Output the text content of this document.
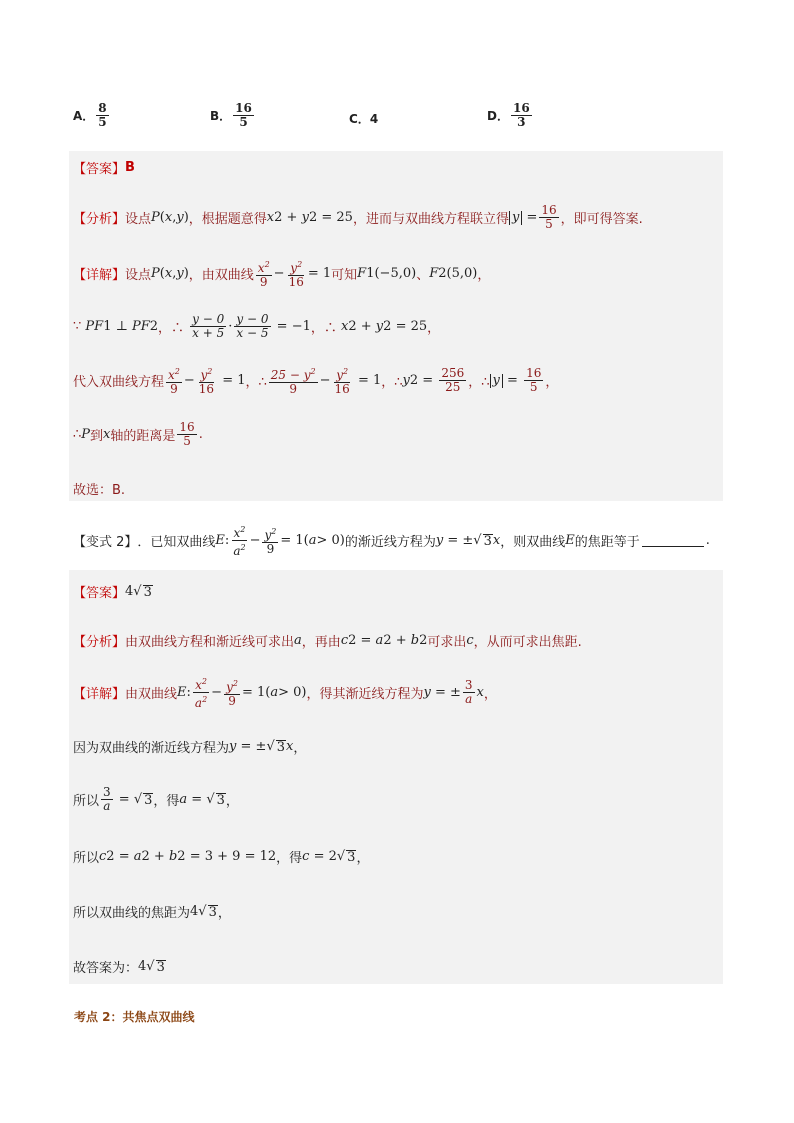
A． $\frac{8}{5}$	B． $\frac{16}{5}$	C． 4	D． $\frac{16}{3}$
【答案】 B
【分析】 设点 P ( x , y ) ，根据题意得 x 2 + y 2 = 25 ，进而与双曲线方程联立得 $y = \frac{16}{5}$ ，即可得答案.
【详解】 设点 P ( x , y ) ，由双曲线 $\frac{x^2}{9} - \frac{y^2}{16} = 1$ 可知 F 1 (−5,0) 、 F 2 (5,0) ，
∵ PF 1 ⊥ PF 2 ，∴ $\frac{y - 0}{x + 5} \cdot \frac{y - 0}{x - 5} = -1$ ，∴ x 2 + y 2 = 25 ，
代入双曲线方程 $\frac{x^2}{9} - \frac{y^2}{16} = 1$ ，∴ $\frac{25 - y^2}{9} - \frac{y^2}{16} = 1$ ，∴ y $2 = \frac{256}{25}$ ，∴ $y = \frac{16}{5}$ ，
∴ P 到 x 轴的距离是 $\frac{16}{5}$ .
故选：B.
【变式 2】 ．已知双曲线 E : $\frac{x^2}{a^2} - \frac{y^2}{9} = 1$( a > 0) 的渐近线方程为 y = ± √ 3 x ，则双曲线 E 的焦距等于	.
【答案】 4 √ 3
【分析】 由双曲线方程和渐近线可求出 a ，再由 c 2 = a 2 + b 2 可求出 c ，从而可求出焦距.
【详解】 由双曲线 E : $\frac{x^2}{a^2} - \frac{y^2}{9} = 1$( a > 0) ，得其渐近线方程为 y = ± $\frac{3}{a}$ x ，
因为双曲线的渐近线方程为 y = ± √ 3 x ，
所以 $\frac{3}{a}$ = √ 3 ，得 a = √ 3 ，
所以 c 2 = a 2 + b 2 = 3 + 9 = 12 ，得 c = 2√ 3 ，
所以双曲线的焦距为 4√ 3 ，
故答案为： 4√ 3
考点 2：共焦点双曲线
